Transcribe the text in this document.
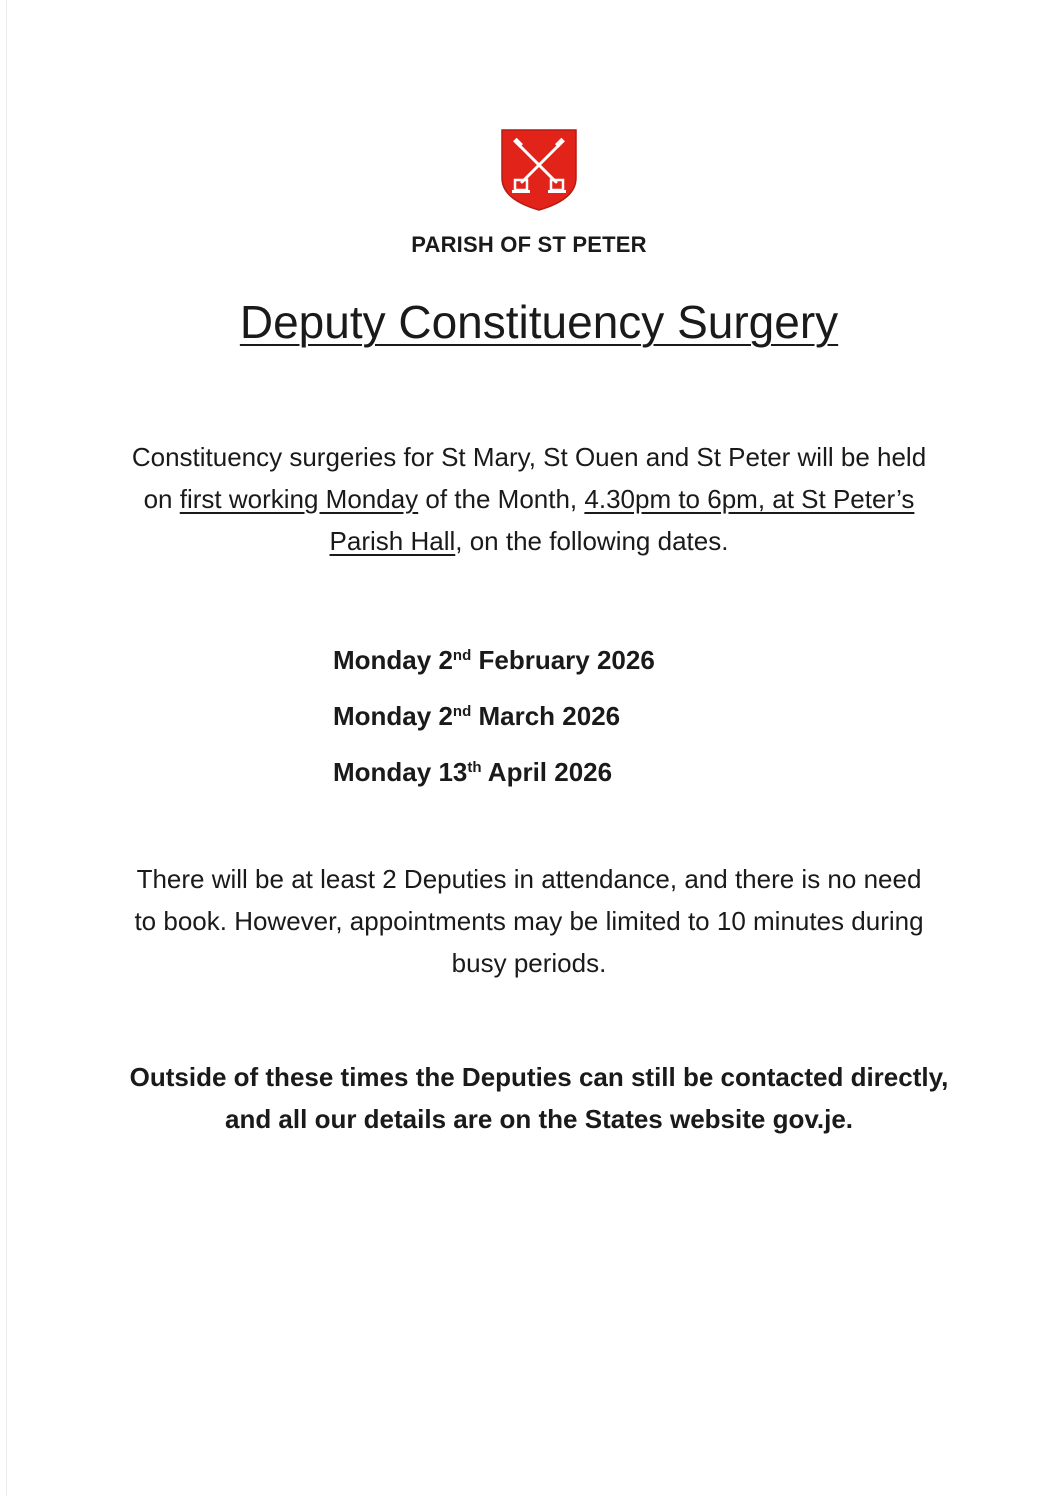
PARISH OF ST PETER
Deputy Constituency Surgery
Constituency surgeries for St Mary, St Ouen and St Peter will be held on first working Monday of the Month, 4.30pm to 6pm, at St Peter’s Parish Hall, on the following dates.
Monday 2nd February 2026
Monday 2nd March 2026
Monday 13th April 2026
There will be at least 2 Deputies in attendance, and there is no need to book. However, appointments may be limited to 10 minutes during busy periods.
Outside of these times the Deputies can still be contacted directly, and all our details are on the States website gov.je.
